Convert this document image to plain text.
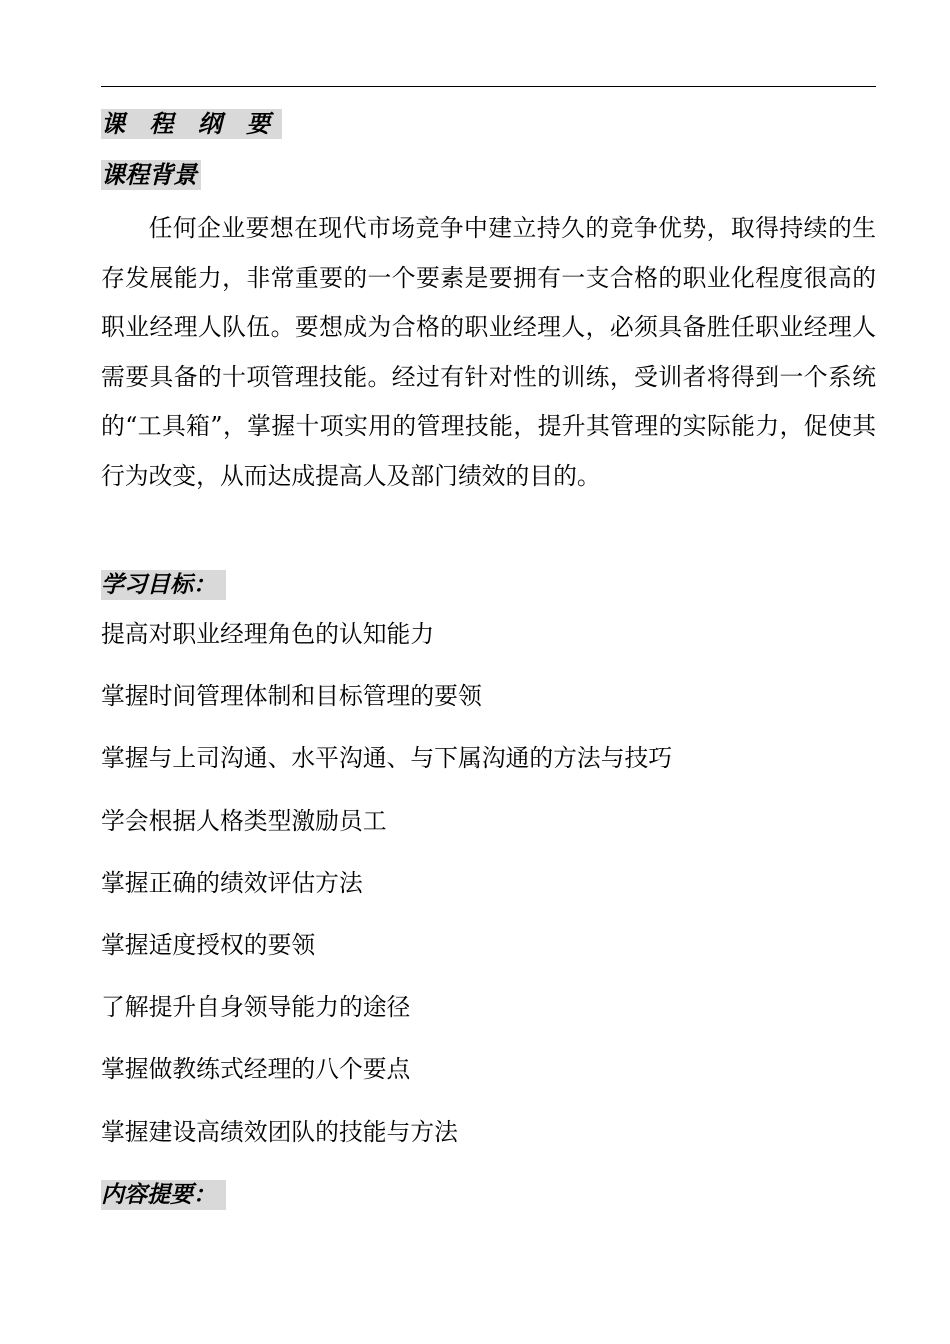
课 程 纲 要
课程背景

任何企业要想在现代市场竞争中建立持久的竞争优势，取得持续的生存发展能力，非常重要的一个要素是要拥有一支合格的职业化程度很高的职业经理人队伍。要想成为合格的职业经理人，必须具备胜任职业经理人需要具备的十项管理技能。经过有针对性的训练，受训者将得到一个系统的“工具箱”，掌握十项实用的管理技能，提升其管理的实际能力，促使其行为改变，从而达成提高人及部门绩效的目的。

学习目标：
提高对职业经理角色的认知能力
掌握时间管理体制和目标管理的要领
掌握与上司沟通、水平沟通、与下属沟通的方法与技巧
学会根据人格类型激励员工
掌握正确的绩效评估方法
掌握适度授权的要领
了解提升自身领导能力的途径
掌握做教练式经理的八个要点
掌握建设高绩效团队的技能与方法
内容提要：
